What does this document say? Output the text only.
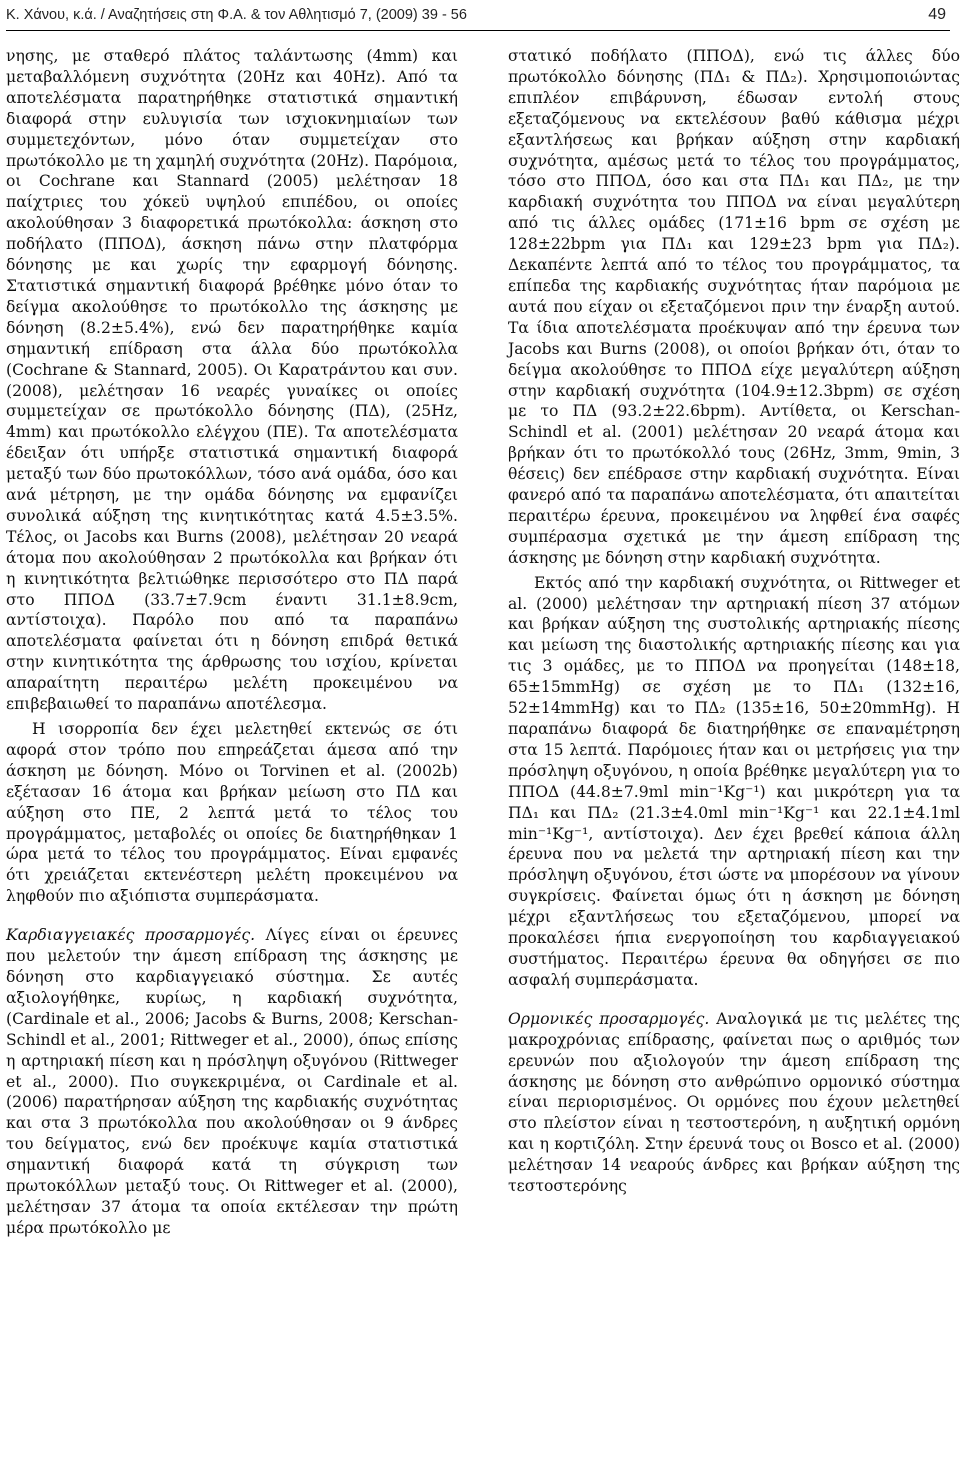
Κ. Χάνου, κ.ά. / Αναζητήσεις στη Φ.Α. & τον Αθλητισμό 7, (2009) 39 - 56	49

νησης, με σταθερό πλάτος ταλάντωσης (4mm) και μεταβαλλόμενη συχνότητα (20Hz και 40Hz). Από τα αποτελέσματα παρατηρήθηκε στατιστικά σημαντική διαφορά στην ευλυγισία των ισχιοκνημιαίων των συμμετεχόντων, μόνο όταν συμμετείχαν στο πρωτόκολλο με τη χαμηλή συχνότητα (20Hz). Παρόμοια, οι Cochrane και Stannard (2005) μελέτησαν 18 παίχτριες του χόκεϋ υψηλού επιπέδου, οι οποίες ακολούθησαν 3 διαφορετικά πρωτόκολλα: άσκηση στο ποδήλατο (ΠΠΟΔ), άσκηση πάνω στην πλατφόρμα δόνησης με και χωρίς την εφαρμογή δόνησης. Στατιστικά σημαντική διαφορά βρέθηκε μόνο όταν το δείγμα ακολούθησε το πρωτόκολλο της άσκησης με δόνηση (8.2±5.4%), ενώ δεν παρατηρήθηκε καμία σημαντική επίδραση στα άλλα δύο πρωτόκολλα (Cochrane & Stannard, 2005). Οι Καρατράντου και συν. (2008), μελέτησαν 16 νεαρές γυναίκες οι οποίες συμμετείχαν σε πρωτόκολλο δόνησης (ΠΔ), (25Hz, 4mm) και πρωτόκολλο ελέγχου (ΠΕ). Τα αποτελέσματα έδειξαν ότι υπήρξε στατιστικά σημαντική διαφορά μεταξύ των δύο πρωτοκόλλων, τόσο ανά ομάδα, όσο και ανά μέτρηση, με την ομάδα δόνησης να εμφανίζει συνολικά αύξηση της κινητικότητας κατά 4.5±3.5%. Τέλος, οι Jacobs και Burns (2008), μελέτησαν 20 νεαρά άτομα που ακολούθησαν 2 πρωτόκολλα και βρήκαν ότι η κινητικότητα βελτιώθηκε περισσότερο στο ΠΔ παρά στο ΠΠΟΔ (33.7±7.9cm έναντι 31.1±8.9cm, αντίστοιχα). Παρόλο που από τα παραπάνω αποτελέσματα φαίνεται ότι η δόνηση επιδρά θετικά στην κινητικότητα της άρθρωσης του ισχίου, κρίνεται απαραίτητη περαιτέρω μελέτη προκειμένου να επιβεβαιωθεί το παραπάνω αποτέλεσμα.

Η ισορροπία δεν έχει μελετηθεί εκτενώς σε ότι αφορά στον τρόπο που επηρεάζεται άμεσα από την άσκηση με δόνηση. Μόνο οι Torvinen et al. (2002b) εξέτασαν 16 άτομα και βρήκαν μείωση στο ΠΔ και αύξηση στο ΠΕ, 2 λεπτά μετά το τέλος του προγράμματος, μεταβολές οι οποίες δε διατηρήθηκαν 1 ώρα μετά το τέλος του προγράμματος. Είναι εμφανές ότι χρειάζεται εκτενέστερη μελέτη προκειμένου να ληφθούν πιο αξιόπιστα συμπεράσματα.

Καρδιαγγειακές προσαρμογές. Λίγες είναι οι έρευνες που μελετούν την άμεση επίδραση της άσκησης με δόνηση στο καρδιαγγειακό σύστημα. Σε αυτές αξιολογήθηκε, κυρίως, η καρδιακή συχνότητα, (Cardinale et al., 2006; Jacobs & Burns, 2008; Kerschan-Schindl et al., 2001; Rittweger et al., 2000), όπως επίσης η αρτηριακή πίεση και η πρόσληψη οξυγόνου (Rittweger et al., 2000). Πιο συγκεκριμένα, οι Cardinale et al. (2006) παρατήρησαν αύξηση της καρδιακής συχνότητας και στα 3 πρωτόκολλα που ακολούθησαν οι 9 άνδρες του δείγματος, ενώ δεν προέκυψε καμία στατιστικά σημαντική διαφορά κατά τη σύγκριση των πρωτοκόλλων μεταξύ τους. Οι Rittweger et al. (2000), μελέτησαν 37 άτομα τα οποία εκτέλεσαν την πρώτη μέρα πρωτόκολλο με

στατικό ποδήλατο (ΠΠΟΔ), ενώ τις άλλες δύο πρωτόκολλο δόνησης (ΠΔ₁ & ΠΔ₂). Χρησιμοποιώντας επιπλέον επιβάρυνση, έδωσαν εντολή στους εξεταζόμενους να εκτελέσουν βαθύ κάθισμα μέχρι εξαντλήσεως και βρήκαν αύξηση στην καρδιακή συχνότητα, αμέσως μετά το τέλος του προγράμματος, τόσο στο ΠΠΟΔ, όσο και στα ΠΔ₁ και ΠΔ₂, με την καρδιακή συχνότητα του ΠΠΟΔ να είναι μεγαλύτερη από τις άλλες ομάδες (171±16 bpm σε σχέση με 128±22bpm για ΠΔ₁ και 129±23 bpm για ΠΔ₂). Δεκαπέντε λεπτά από το τέλος του προγράμματος, τα επίπεδα της καρδιακής συχνότητας ήταν παρόμοια με αυτά που είχαν οι εξεταζόμενοι πριν την έναρξη αυτού. Τα ίδια αποτελέσματα προέκυψαν από την έρευνα των Jacobs και Burns (2008), οι οποίοι βρήκαν ότι, όταν το δείγμα ακολούθησε το ΠΠΟΔ είχε μεγαλύτερη αύξηση στην καρδιακή συχνότητα (104.9±12.3bpm) σε σχέση με το ΠΔ (93.2±22.6bpm). Αντίθετα, οι Kerschan-Schindl et al. (2001) μελέτησαν 20 νεαρά άτομα και βρήκαν ότι το πρωτόκολλό τους (26Hz, 3mm, 9min, 3 θέσεις) δεν επέδρασε στην καρδιακή συχνότητα. Είναι φανερό από τα παραπάνω αποτελέσματα, ότι απαιτείται περαιτέρω έρευνα, προκειμένου να ληφθεί ένα σαφές συμπέρασμα σχετικά με την άμεση επίδραση της άσκησης με δόνηση στην καρδιακή συχνότητα.

Εκτός από την καρδιακή συχνότητα, οι Rittweger et al. (2000) μελέτησαν την αρτηριακή πίεση 37 ατόμων και βρήκαν αύξηση της συστολικής αρτηριακής πίεσης και μείωση της διαστολικής αρτηριακής πίεσης και για τις 3 ομάδες, με το ΠΠΟΔ να προηγείται (148±18, 65±15mmHg) σε σχέση με το ΠΔ₁ (132±16, 52±14mmHg) και το ΠΔ₂ (135±16, 50±20mmHg). Η παραπάνω διαφορά δε διατηρήθηκε σε επαναμέτρηση στα 15 λεπτά. Παρόμοιες ήταν και οι μετρήσεις για την πρόσληψη οξυγόνου, η οποία βρέθηκε μεγαλύτερη για το ΠΠΟΔ (44.8±7.9ml min⁻¹Kg⁻¹) και μικρότερη για τα ΠΔ₁ και ΠΔ₂ (21.3±4.0ml min⁻¹Kg⁻¹ και 22.1±4.1ml min⁻¹Kg⁻¹, αντίστοιχα). Δεν έχει βρεθεί κάποια άλλη έρευνα που να μελετά την αρτηριακή πίεση και την πρόσληψη οξυγόνου, έτσι ώστε να μπορέσουν να γίνουν συγκρίσεις. Φαίνεται όμως ότι η άσκηση με δόνηση μέχρι εξαντλήσεως του εξεταζόμενου, μπορεί να προκαλέσει ήπια ενεργοποίηση του καρδιαγγειακού συστήματος. Περαιτέρω έρευνα θα οδηγήσει σε πιο ασφαλή συμπεράσματα.

Ορμονικές προσαρμογές. Αναλογικά με τις μελέτες της μακροχρόνιας επίδρασης, φαίνεται πως ο αριθμός των ερευνών που αξιολογούν την άμεση επίδραση της άσκησης με δόνηση στο ανθρώπινο ορμονικό σύστημα είναι περιορισμένος. Οι ορμόνες που έχουν μελετηθεί στο πλείστον είναι η τεστοστερόνη, η αυξητική ορμόνη και η κορτιζόλη. Στην έρευνά τους οι Bosco et al. (2000) μελέτησαν 14 νεαρούς άνδρες και βρήκαν αύξηση της τεστοστερόνης
